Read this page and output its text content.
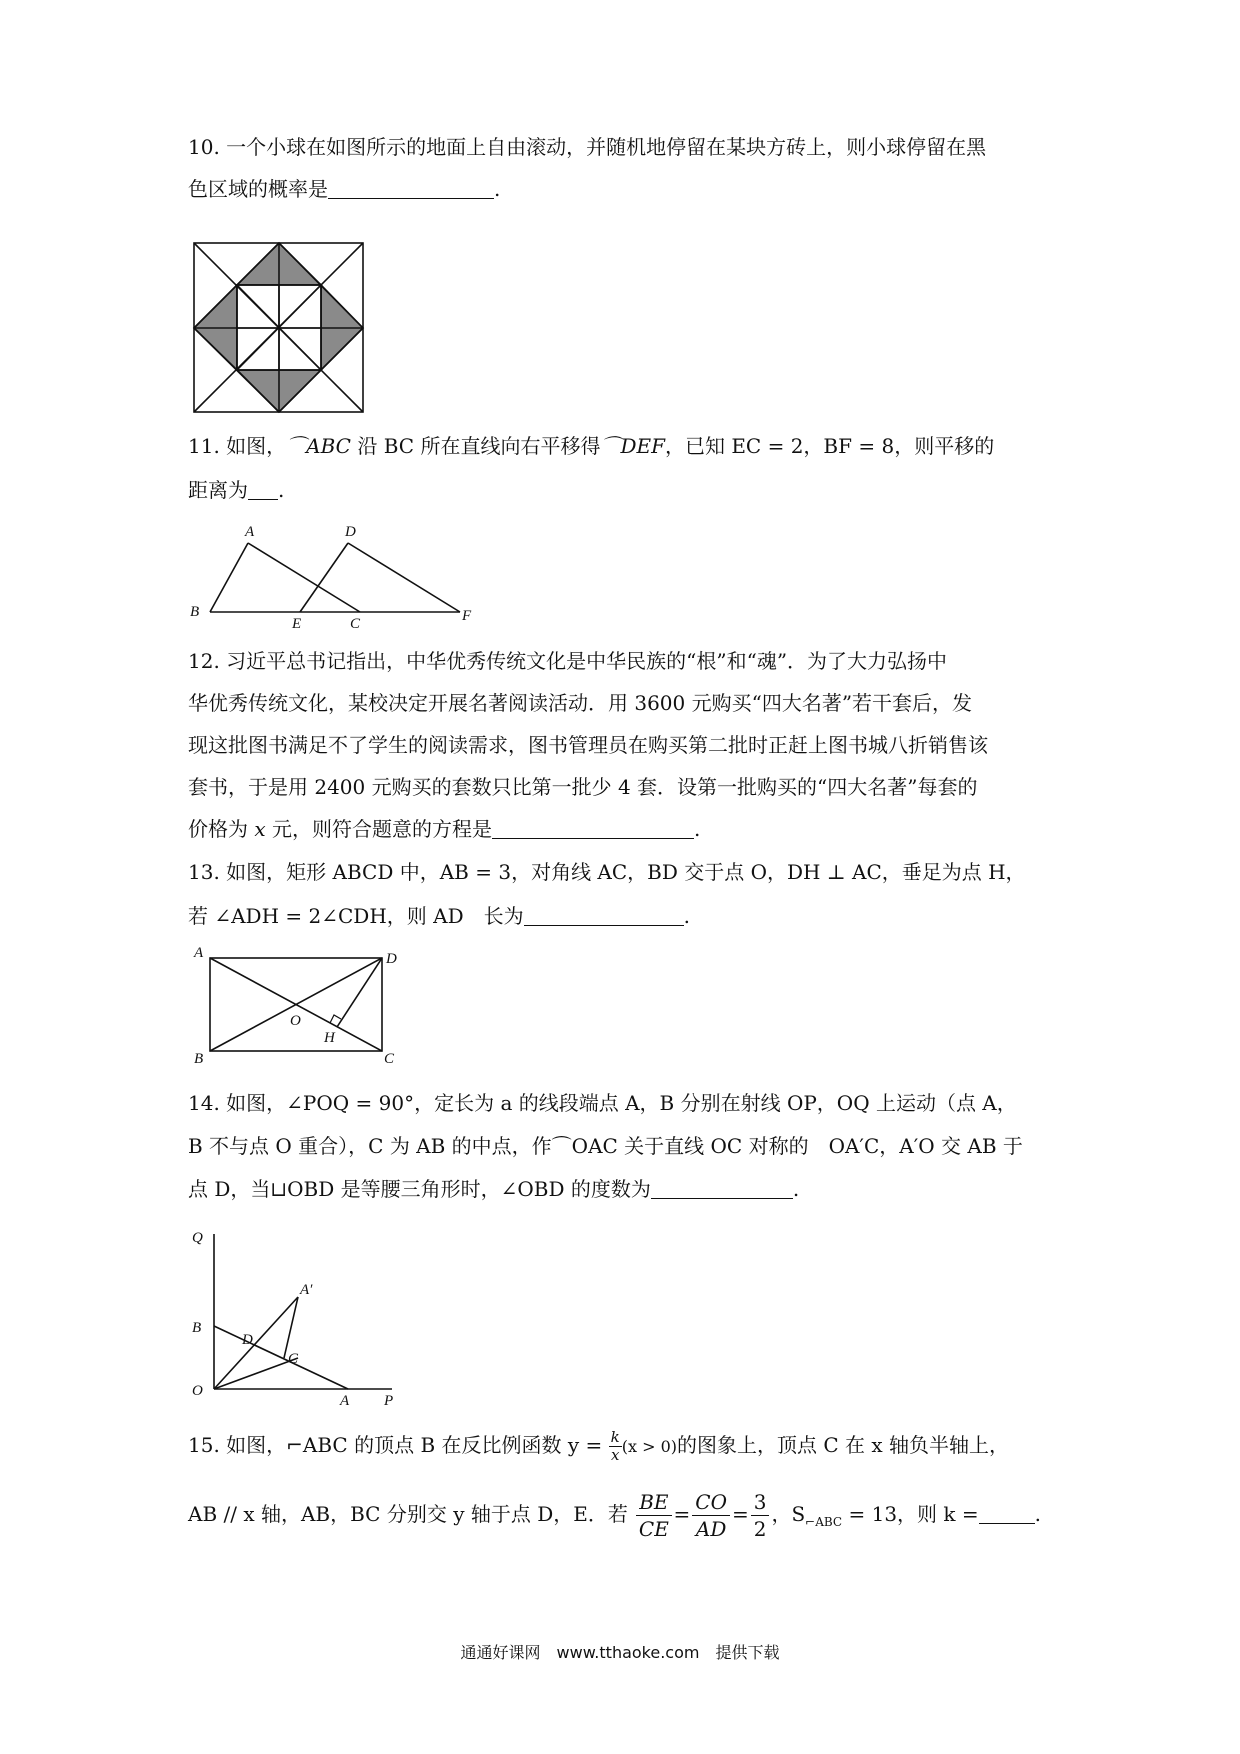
10. 一个小球在如图所示的地面上自由滚动，并随机地停留在某块方砖上，则小球停留在黑
色区域的概率是	.
11. 如图，⌒ABC 沿 BC 所在直线向右平移得⌒DEF，已知 EC = 2，BF = 8，则平移的
距离为 .
A	D
B
E	C	F
12. 习近平总书记指出，中华优秀传统文化是中华民族的“根”和“魂”．为了大力弘扬中
华优秀传统文化，某校决定开展名著阅读活动．用 3600 元购买“四大名著”若干套后，发
现这批图书满足不了学生的阅读需求，图书管理员在购买第二批时正赶上图书城八折销售该
套书，于是用 2400 元购买的套数只比第一批少 4 套．设第一批购买的“四大名著”每套的
价格为 x 元，则符合题意的方程是	.
13. 如图，矩形 ABCD 中，AB = 3，对角线 AC，BD 交于点 O，DH ⊥ AC，垂足为点 H，
若 ∠ADH = 2∠CDH，则 AD　长为	.
A	D
B	C
O
H
14. 如图，∠POQ = 90°，定长为 a 的线段端点 A，B 分别在射线 OP，OQ 上运动（点 A，
B 不与点 O 重合），C 为 AB 的中点，作⌒OAC 关于直线 OC 对称的　OA′C，A′O 交 AB 于
点 D，当⊔OBD 是等腰三角形时，∠OBD 的度数为	.
Q
B
O
A P
D
C
A′
15. 如图，⌐ABC 的顶点 B 在反比例函数 $y = \frac{k}{x} (x > 0)$的图象上，顶点 C 在 x 轴负半轴上，
AB // x 轴，AB，BC 分别交 y 轴于点 D，E．若 $\frac{BE}{CE} = \frac{CO}{AD} = \frac{3}{2}$ ，$S_{⌐ABC} = 13$，则 k =	.
通通好课网　www.tthaoke.com　提供下载
